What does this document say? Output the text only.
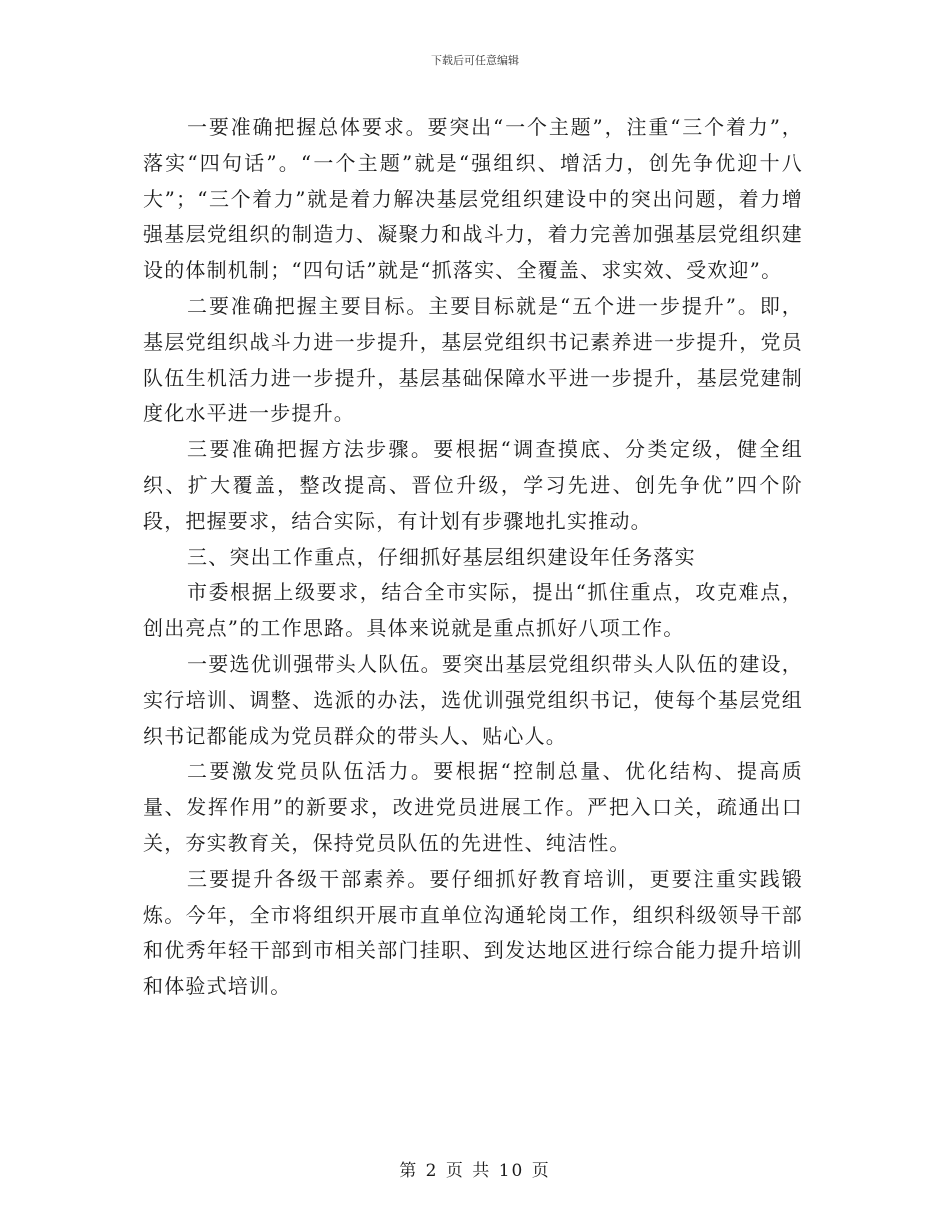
下载后可任意编辑

一要准确把握总体要求。要突出“一个主题”，注重“三个着力”，落实“四句话”。“一个主题”就是“强组织、增活力，创先争优迎十八大”；“三个着力”就是着力解决基层党组织建设中的突出问题，着力增强基层党组织的制造力、凝聚力和战斗力，着力完善加强基层党组织建设的体制机制；“四句话”就是“抓落实、全覆盖、求实效、受欢迎”。

二要准确把握主要目标。主要目标就是“五个进一步提升”。即，基层党组织战斗力进一步提升，基层党组织书记素养进一步提升，党员队伍生机活力进一步提升，基层基础保障水平进一步提升，基层党建制度化水平进一步提升。

三要准确把握方法步骤。要根据“调查摸底、分类定级，健全组织、扩大覆盖，整改提高、晋位升级，学习先进、创先争优”四个阶段，把握要求，结合实际，有计划有步骤地扎实推动。

三、突出工作重点，仔细抓好基层组织建设年任务落实

市委根据上级要求，结合全市实际，提出“抓住重点，攻克难点，创出亮点”的工作思路。具体来说就是重点抓好八项工作。

一要选优训强带头人队伍。要突出基层党组织带头人队伍的建设，实行培训、调整、选派的办法，选优训强党组织书记，使每个基层党组织书记都能成为党员群众的带头人、贴心人。

二要激发党员队伍活力。要根据“控制总量、优化结构、提高质量、发挥作用”的新要求，改进党员进展工作。严把入口关，疏通出口关，夯实教育关，保持党员队伍的先进性、纯洁性。

三要提升各级干部素养。要仔细抓好教育培训，更要注重实践锻炼。今年，全市将组织开展市直单位沟通轮岗工作，组织科级领导干部和优秀年轻干部到市相关部门挂职、到发达地区进行综合能力提升培训和体验式培训。

第 2 页 共 10 页
